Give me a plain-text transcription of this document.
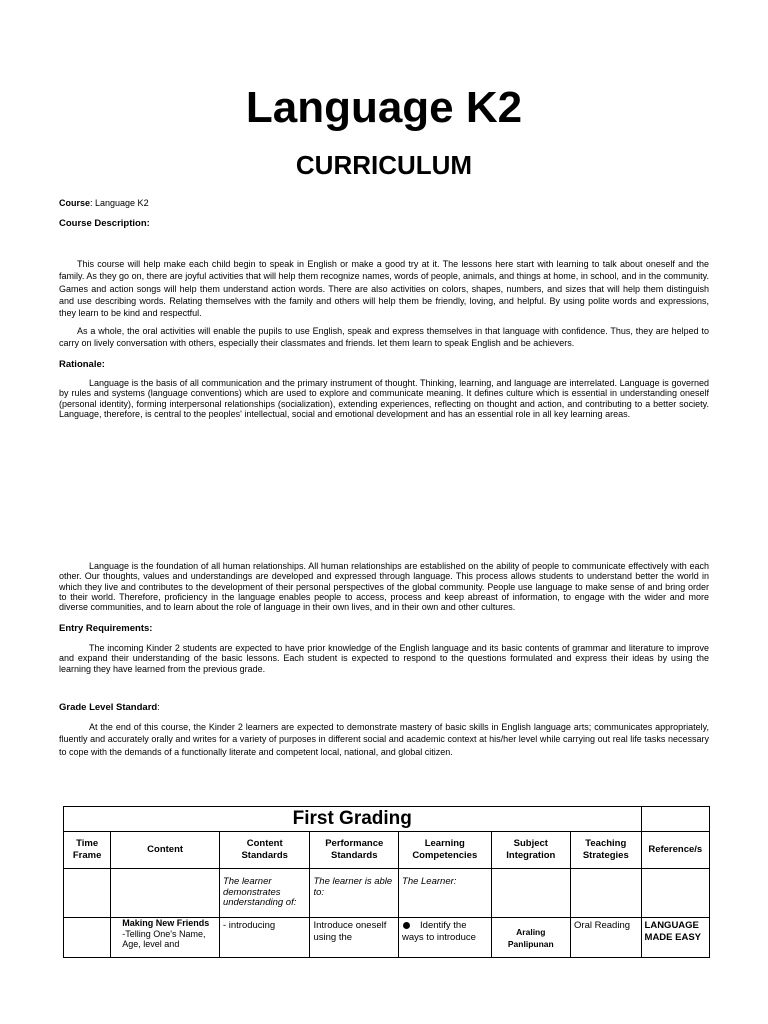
Language K2
CURRICULUM

Course: Language K2

Course Description:

This course will help make each child begin to speak in English or make a good try at it. The lessons here start with learning to talk about oneself and the family. As they go on, there are joyful activities that will help them recognize names, words of people, animals, and things at home, in school, and in the community. Games and action songs will help them understand action words. There are also activities on colors, shapes, numbers, and sizes that will help them distinguish and use describing words. Relating themselves with the family and others will help them be friendly, loving, and helpful. By using polite words and expressions, they learn to be kind and respectful.

As a whole, the oral activities will enable the pupils to use English, speak and express themselves in that language with confidence. Thus, they are helped to carry on lively conversation with others, especially their classmates and friends. let them learn to speak English and be achievers.

Rationale:

Language is the basis of all communication and the primary instrument of thought. Thinking, learning, and language are interrelated. Language is governed by rules and systems (language conventions) which are used to explore and communicate meaning. It defines culture which is essential in understanding oneself (personal identity), forming interpersonal relationships (socialization), extending experiences, reflecting on thought and action, and contributing to a better society. Language, therefore, is central to the peoples' intellectual, social and emotional development and has an essential role in all key learning areas.

Language is the foundation of all human relationships. All human relationships are established on the ability of people to communicate effectively with each other. Our thoughts, values and understandings are developed and expressed through language. This process allows students to understand better the world in which they live and contributes to the development of their personal perspectives of the global community. People use language to make sense of and bring order to their world. Therefore, proficiency in the language enables people to access, process and keep abreast of information, to engage with the wider and more diverse communities, and to learn about the role of language in their own lives, and in their own and other cultures.

Entry Requirements:

The incoming Kinder 2 students are expected to have prior knowledge of the English language and its basic contents of grammar and literature to improve and expand their understanding of the basic lessons. Each student is expected to respond to the questions formulated and express their ideas by using the learning they have learned from the previous grade.

Grade Level Standard:

At the end of this course, the Kinder 2 learners are expected to demonstrate mastery of basic skills in English language arts; communicates appropriately, fluently and accurately orally and writes for a variety of purposes in different social and academic context at his/her level while carrying out real life tasks necessary to cope with the demands of a functionally literate and competent local, national, and global citizen.

First Grading							
Time Frame	Content	Content Standards	Performance Standards	Learning Competencies	Subject Integration	Teaching Strategies	Reference/s
		The learner demonstrates understanding of:	The learner is able to:	The Learner:			

	Making New Friends
-Telling One's Name, Age, level and	- introducing	Introduce oneself using the	Identify the ways to introduce	Araling Panlipunan	Oral Reading	LANGUAGE MADE EASY
